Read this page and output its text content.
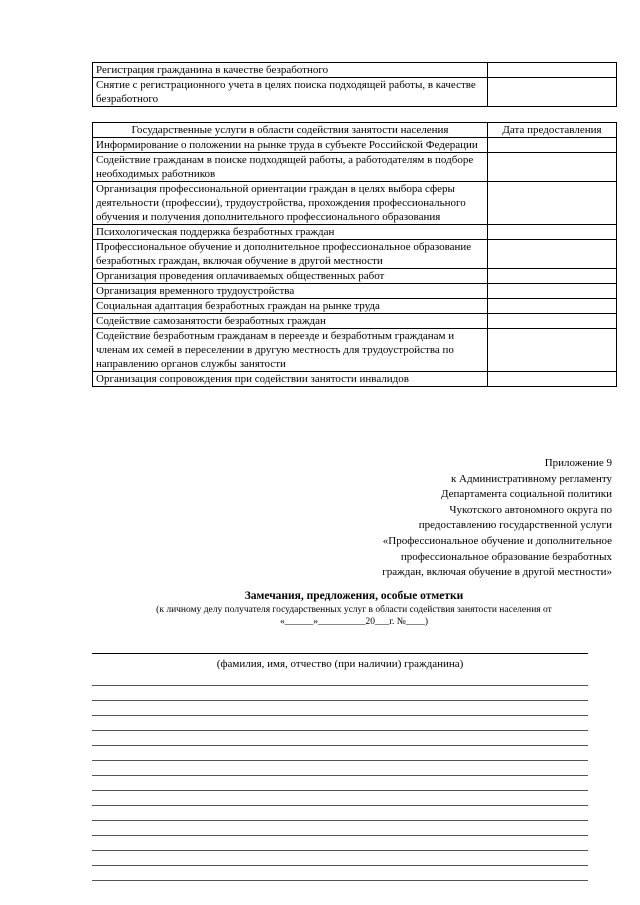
Регистрация гражданина в качестве безработного	
Снятие с регистрационного учета в целях поиска подходящей работы, в качестве безработного	
Государственные услуги в области содействия занятости населения	Дата предоставления
Информирование о положении на рынке труда в субъекте Российской Федерации	
Содействие гражданам в поиске подходящей работы, а работодателям в подборе необходимых работников	
Организация профессиональной ориентации граждан в целях выбора сферы деятельности (профессии), трудоустройства, прохождения профессионального обучения и получения дополнительного профессионального образования	
Психологическая поддержка безработных граждан	
Профессиональное обучение и дополнительное профессиональное образование безработных граждан, включая обучение в другой местности	
Организация проведения оплачиваемых общественных работ	
Организация временного трудоустройства	
Социальная адаптация безработных граждан на рынке труда	
Содействие самозанятости безработных граждан	
Содействие безработным гражданам в переезде и безработным гражданам и членам их семей в переселении в другую местность для трудоустройства по направлению органов службы занятости	
Организация сопровождения при содействии занятости инвалидов	
Приложение 9
к Административному регламенту
Департамента социальной политики
Чукотского автономного округа по
предоставлению государственной услуги
«Профессиональное обучение и дополнительное
профессиональное образование безработных
граждан, включая обучение в другой местности»
Замечания, предложения, особые отметки
(к личному делу получателя государственных услуг в области содействия занятости населения от
«______»__________20___г. №____)
(фамилия, имя, отчество (при наличии) гражданина)
